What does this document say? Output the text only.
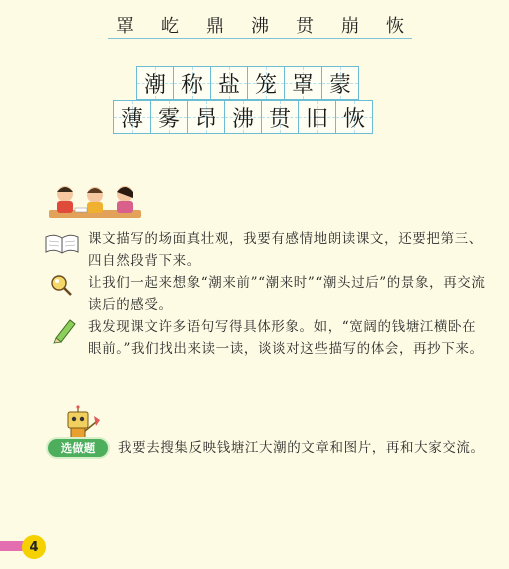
罩	屹	鼎	沸	贯	崩	恢
潮 称 盐 笼 罩 蒙
薄 雾 昂 沸 贯 旧 恢
课文描写的场面真壮观，我要有感情地朗读课文，还要把第三、四自然段背下来。
让我们一起来想象“潮来前”“潮来时”“潮头过后”的景象，再交流读后的感受。
我发现课文许多语句写得具体形象。如，“宽阔的钱塘江横卧在眼前。”我们找出来读一读，谈谈对这些描写的体会，再抄下来。
选做题	我要去搜集反映钱塘江大潮的文章和图片，再和大家交流。
4
